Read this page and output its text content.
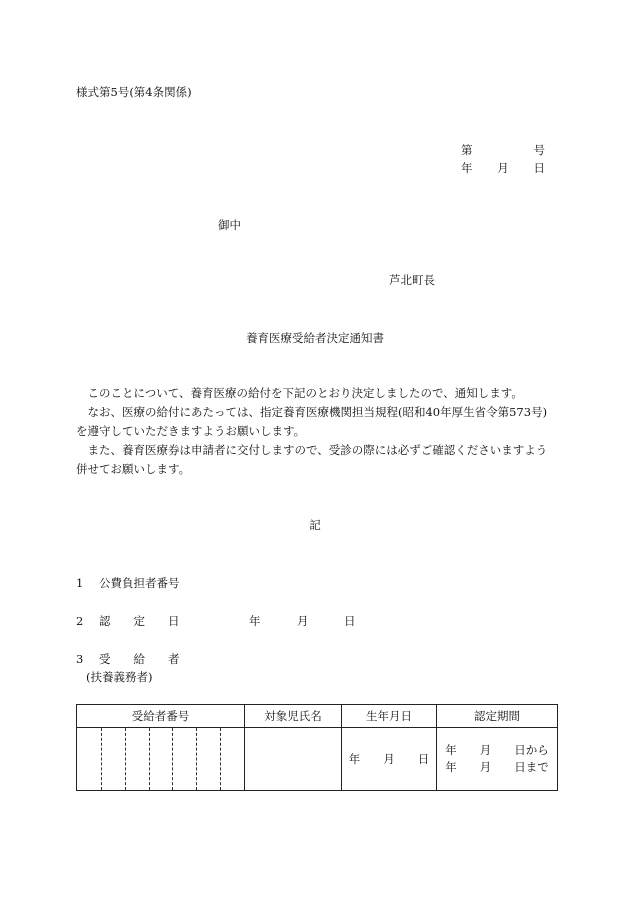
様式第5号(第4条関係)
第	号
年 月 日
御中
芦北町長
養育医療受給者決定通知書

このことについて、養育医療の給付を下記のとおり決定しましたので、通知します。

なお、医療の給付にあたっては、指定養育医療機関担当規程(昭和40年厚生省令第573号)を遵守していただきますようお願いします。

また、養育医療券は申請者に交付しますので、受診の際には必ずご確認くださいますよう併せてお願いします。

記
1 公費負担者番号
2 認　　定　　日	年	月	日
3 受　　給　　者
(扶養義務者)
受給者番号	対象児氏名	生年月日	認定期間

		年　　月　　日	年　　月　　日から
年　　月　　日まで
